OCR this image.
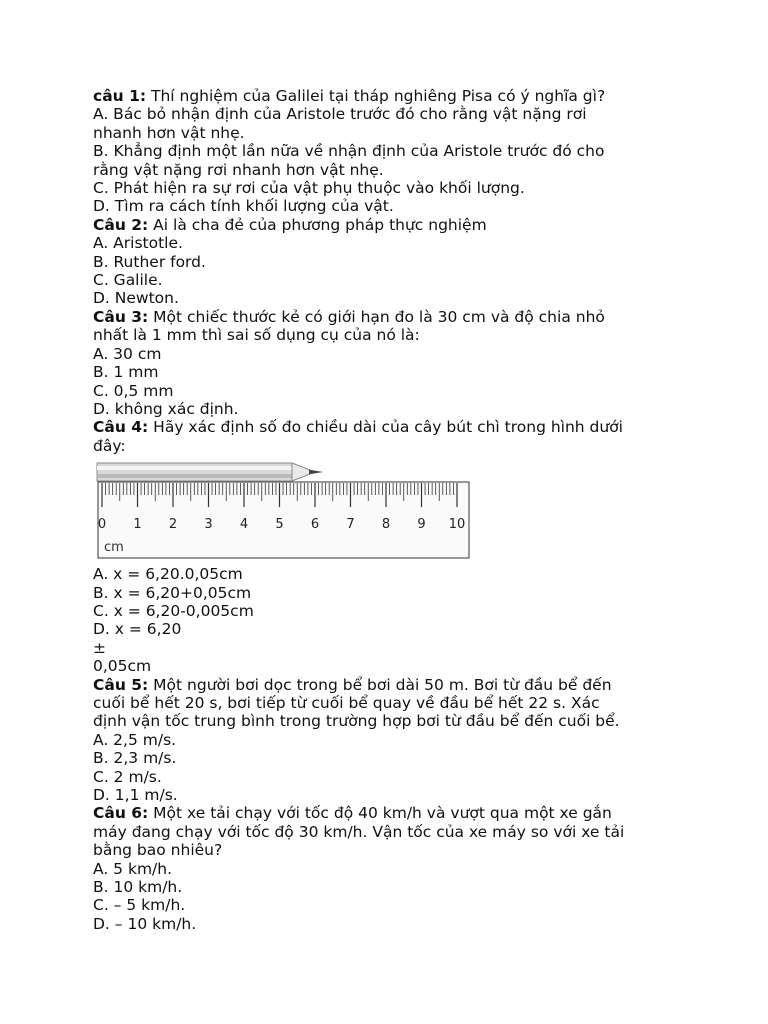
câu 1: Thí nghiệm của Galilei tại tháp nghiêng Pisa có ý nghĩa gì?
A. Bác bỏ nhận định của Aristole trước đó cho rằng vật nặng rơi
nhanh hơn vật nhẹ.
B. Khẳng định một lần nữa về nhận định của Aristole trước đó cho
rằng vật nặng rơi nhanh hơn vật nhẹ.
C. Phát hiện ra sự rơi của vật phụ thuộc vào khối lượng.
D. Tìm ra cách tính khối lượng của vật.
Câu 2: Ai là cha đẻ của phương pháp thực nghiệm
A. Aristotle.
B. Ruther ford.
C. Galile.
D. Newton.
Câu 3: Một chiếc thước kẻ có giới hạn đo là 30 cm và độ chia nhỏ
nhất là 1 mm thì sai số dụng cụ của nó là:
A. 30 cm
B. 1 mm
C. 0,5 mm
D. không xác định.
Câu 4: Hãy xác định số đo chiều dài của cây bút chì trong hình dưới
đây:
0 1 2 3 4 5 6 7 8 9 10
cm
A. x = 6,20.0,05cm
B. x = 6,20+0,05cm
C. x = 6,20-0,005cm
D. x = 6,20
±
0,05cm
Câu 5: Một người bơi dọc trong bể bơi dài 50 m. Bơi từ đầu bể đến
cuối bể hết 20 s, bơi tiếp từ cuối bể quay về đầu bể hết 22 s. Xác
định vận tốc trung bình trong trường hợp bơi từ đầu bể đến cuối bể.
A. 2,5 m/s.
B. 2,3 m/s.
C. 2 m/s.
D. 1,1 m/s.
Câu 6: Một xe tải chạy với tốc độ 40 km/h và vượt qua một xe gắn
máy đang chạy với tốc độ 30 km/h. Vận tốc của xe máy so với xe tải
bằng bao nhiêu?
A. 5 km/h.
B. 10 km/h.
C. – 5 km/h.
D. – 10 km/h.
